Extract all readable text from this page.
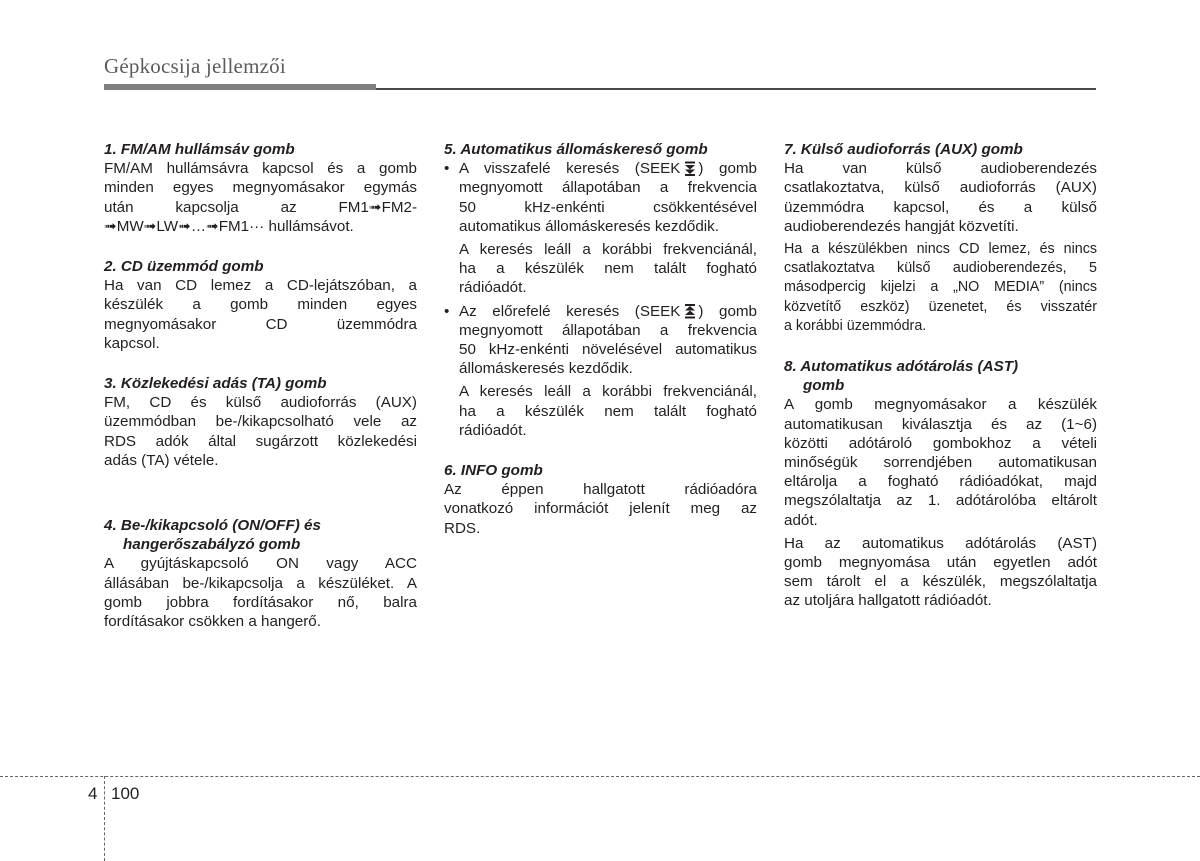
Gépkocsija jellemzői
1. FM/AM hullámsáv gomb
FM/AM hullámsávra kapcsol és a gomb
minden egyes megnyomásakor egymás
után kapcsolja az FM1➟FM2-
➟MW➟LW➟…➟FM1··· hullámsávot.
2. CD üzemmód gomb
Ha van CD lemez a CD-lejátszóban, a
készülék a gomb minden egyes
megnyomásakor CD üzemmódra
kapcsol.
3. Közlekedési adás (TA) gomb
FM, CD és külső audioforrás (AUX)
üzemmódban be-/kikapcsolható vele az
RDS adók által sugárzott közlekedési
adás (TA) vétele.
4. Be-/kikapcsoló (ON/OFF) és
hangerőszabályzó gomb
A gyújtáskapcsoló ON vagy ACC
állásában be-/kikapcsolja a készüléket. A
gomb jobbra fordításakor nő, balra
fordításakor csökken a hangerő.
5. Automatikus állomáskereső gomb
• A visszafelé keresés (SEEK ) gomb
megnyomott állapotában a frekvencia
50 kHz-enkénti csökkentésével
automatikus állomáskeresés kezdődik.
A keresés leáll a korábbi frekvenciánál,
ha a készülék nem talált fogható
rádióadót.
• Az előrefelé keresés (SEEK ) gomb
megnyomott állapotában a frekvencia
50 kHz-enkénti növelésével automatikus
állomáskeresés kezdődik.
A keresés leáll a korábbi frekvenciánál,
ha a készülék nem talált fogható
rádióadót.
6. INFO gomb
Az éppen hallgatott rádióadóra
vonatkozó információt jelenít meg az
RDS.
7. Külső audioforrás (AUX) gomb
Ha van külső audioberendezés
csatlakoztatva, külső audioforrás (AUX)
üzemmódra kapcsol, és a külső
audioberendezés hangját közvetíti.
Ha a készülékben nincs CD lemez, és nincs
csatlakoztatva külső audioberendezés, 5
másodpercig kijelzi a „NO MEDIA” (nincs
közvetítő eszköz) üzenetet, és visszatér
a korábbi üzemmódra.
8. Automatikus adótárolás (AST)
gomb
A gomb megnyomásakor a készülék
automatikusan kiválasztja és az (1~6)
közötti adótároló gombokhoz a vételi
minőségük sorrendjében automatikusan
eltárolja a fogható rádióadókat, majd
megszólaltatja az 1. adótárolóba eltárolt
adót.
Ha az automatikus adótárolás (AST)
gomb megnyomása után egyetlen adót
sem tárolt el a készülék, megszólaltatja
az utoljára hallgatott rádióadót.
4 100
